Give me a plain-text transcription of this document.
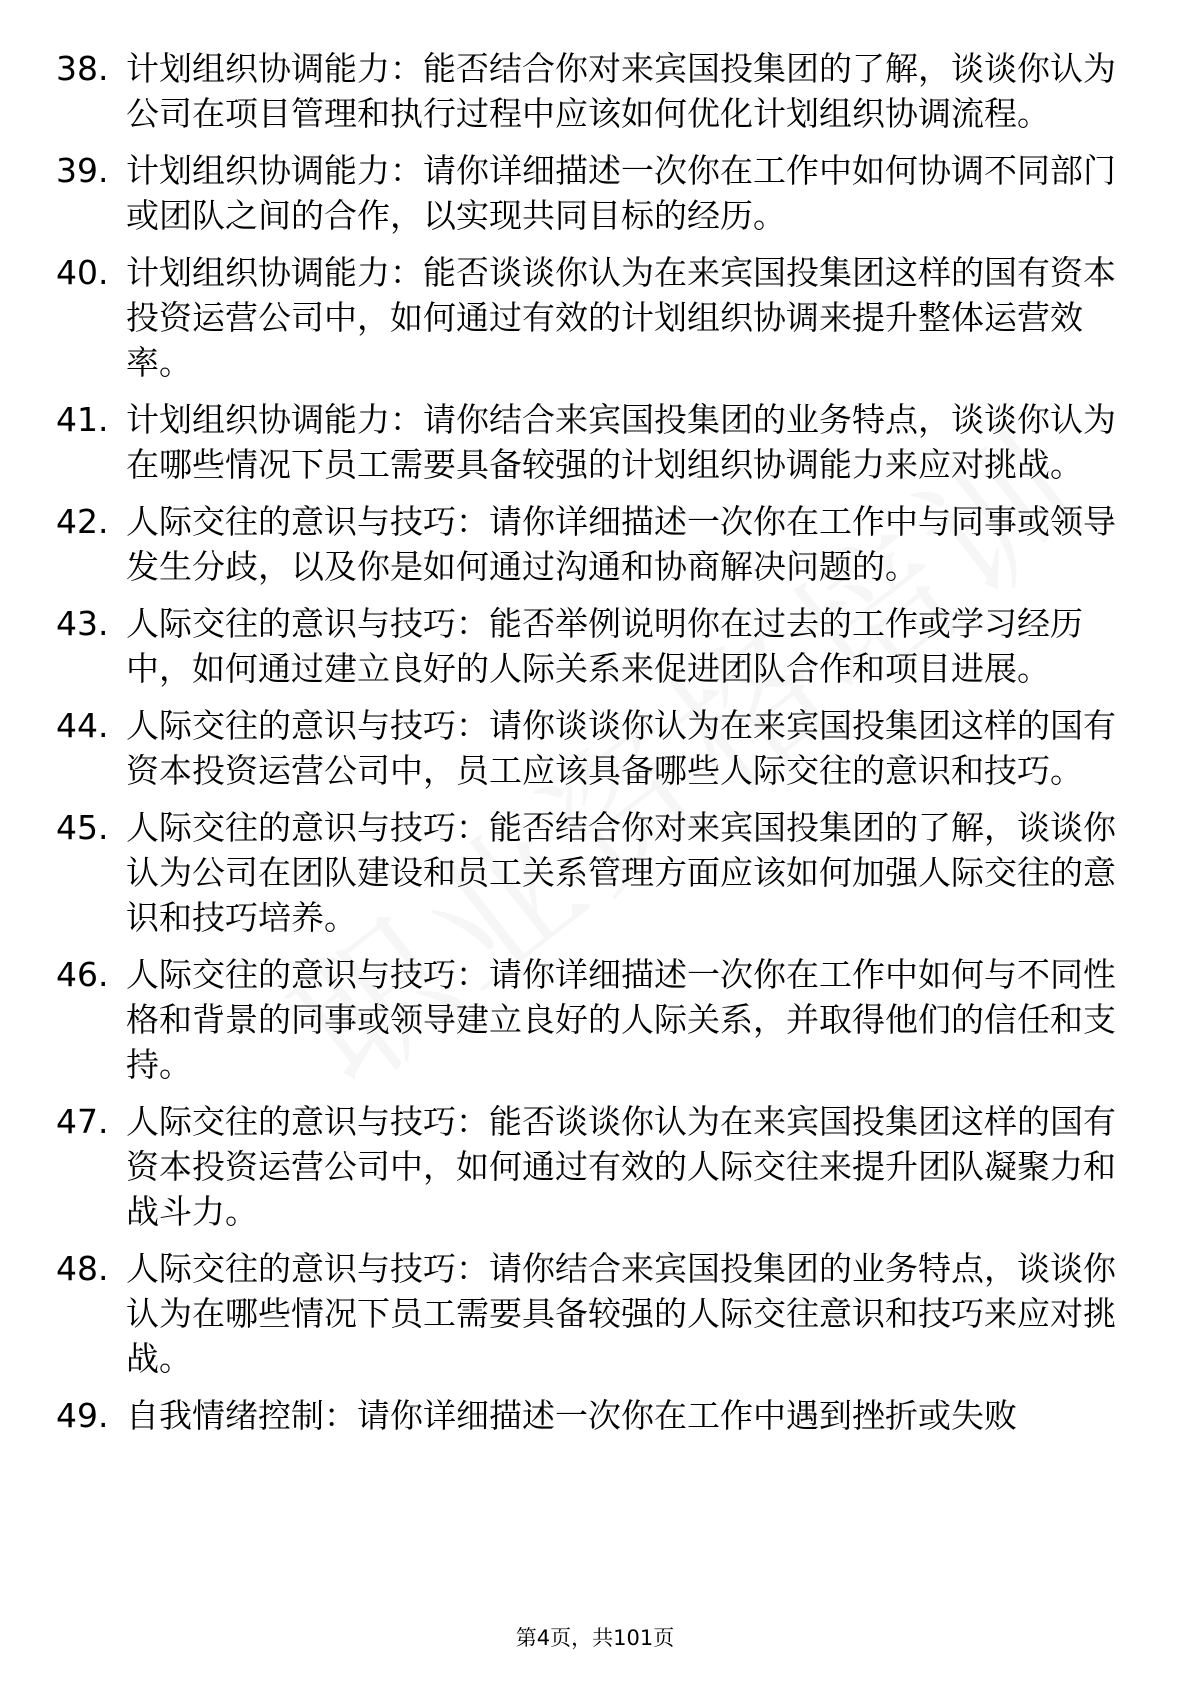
38. 计划组织协调能力：能否结合你对来宾国投集团的了解，谈谈你认为公司在项目管理和执行过程中应该如何优化计划组织协调流程。
39. 计划组织协调能力：请你详细描述一次你在工作中如何协调不同部门或团队之间的合作，以实现共同目标的经历。
40. 计划组织协调能力：能否谈谈你认为在来宾国投集团这样的国有资本投资运营公司中，如何通过有效的计划组织协调来提升整体运营效率。
41. 计划组织协调能力：请你结合来宾国投集团的业务特点，谈谈你认为在哪些情况下员工需要具备较强的计划组织协调能力来应对挑战。
42. 人际交往的意识与技巧：请你详细描述一次你在工作中与同事或领导发生分歧，以及你是如何通过沟通和协商解决问题的。
43. 人际交往的意识与技巧：能否举例说明你在过去的工作或学习经历中，如何通过建立良好的人际关系来促进团队合作和项目进展。
44. 人际交往的意识与技巧：请你谈谈你认为在来宾国投集团这样的国有资本投资运营公司中，员工应该具备哪些人际交往的意识和技巧。
45. 人际交往的意识与技巧：能否结合你对来宾国投集团的了解，谈谈你认为公司在团队建设和员工关系管理方面应该如何加强人际交往的意识和技巧培养。
46. 人际交往的意识与技巧：请你详细描述一次你在工作中如何与不同性格和背景的同事或领导建立良好的人际关系，并取得他们的信任和支持。
47. 人际交往的意识与技巧：能否谈谈你认为在来宾国投集团这样的国有资本投资运营公司中，如何通过有效的人际交往来提升团队凝聚力和战斗力。
48. 人际交往的意识与技巧：请你结合来宾国投集团的业务特点，谈谈你认为在哪些情况下员工需要具备较强的人际交往意识和技巧来应对挑战。
49. 自我情绪控制：请你详细描述一次你在工作中遇到挫折或失败
第4页，共101页
